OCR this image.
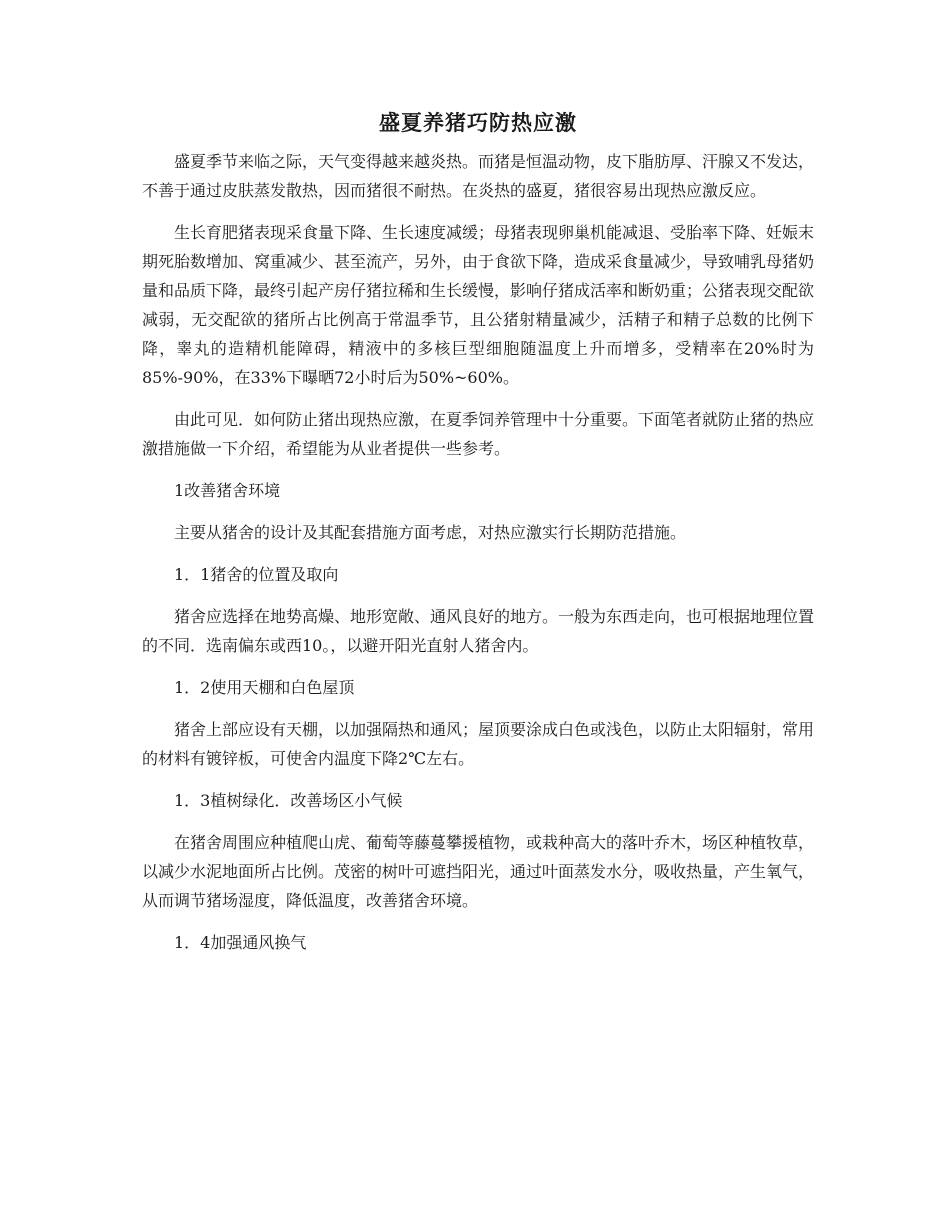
盛夏养猪巧防热应激

盛夏季节来临之际，天气变得越来越炎热。而猪是恒温动物，皮下脂肪厚、汗腺又不发达，不善于通过皮肤蒸发散热，因而猪很不耐热。在炎热的盛夏，猪很容易出现热应激反应。

生长育肥猪表现采食量下降、生长速度减缓；母猪表现卵巢机能减退、受胎率下降、妊娠末期死胎数增加、窝重减少、甚至流产，另外，由于食欲下降，造成采食量减少，导致哺乳母猪奶量和品质下降，最终引起产房仔猪拉稀和生长缓慢，影响仔猪成活率和断奶重；公猪表现交配欲减弱，无交配欲的猪所占比例高于常温季节，且公猪射精量减少，活精子和精子总数的比例下降，睾丸的造精机能障碍，精液中的多核巨型细胞随温度上升而增多，受精率在20%时为85%-90%，在33%下曝晒72小时后为50%~60%。

由此可见．如何防止猪出现热应激，在夏季饲养管理中十分重要。下面笔者就防止猪的热应激措施做一下介绍，希望能为从业者提供一些参考。

1改善猪舍环境

主要从猪舍的设计及其配套措施方面考虑，对热应激实行长期防范措施。

1．1猪舍的位置及取向

猪舍应选择在地势高燥、地形宽敞、通风良好的地方。一般为东西走向，也可根据地理位置的不同．选南偏东或西10。，以避开阳光直射人猪舍内。

1．2使用天棚和白色屋顶

猪舍上部应设有天棚，以加强隔热和通风；屋顶要涂成白色或浅色，以防止太阳辐射，常用的材料有镀锌板，可使舍内温度下降2℃左右。

1．3植树绿化．改善场区小气候

在猪舍周围应种植爬山虎、葡萄等藤蔓攀援植物，或栽种高大的落叶乔木，场区种植牧草，以减少水泥地面所占比例。茂密的树叶可遮挡阳光，通过叶面蒸发水分，吸收热量，产生氧气，从而调节猪场湿度，降低温度，改善猪舍环境。

1．4加强通风换气
